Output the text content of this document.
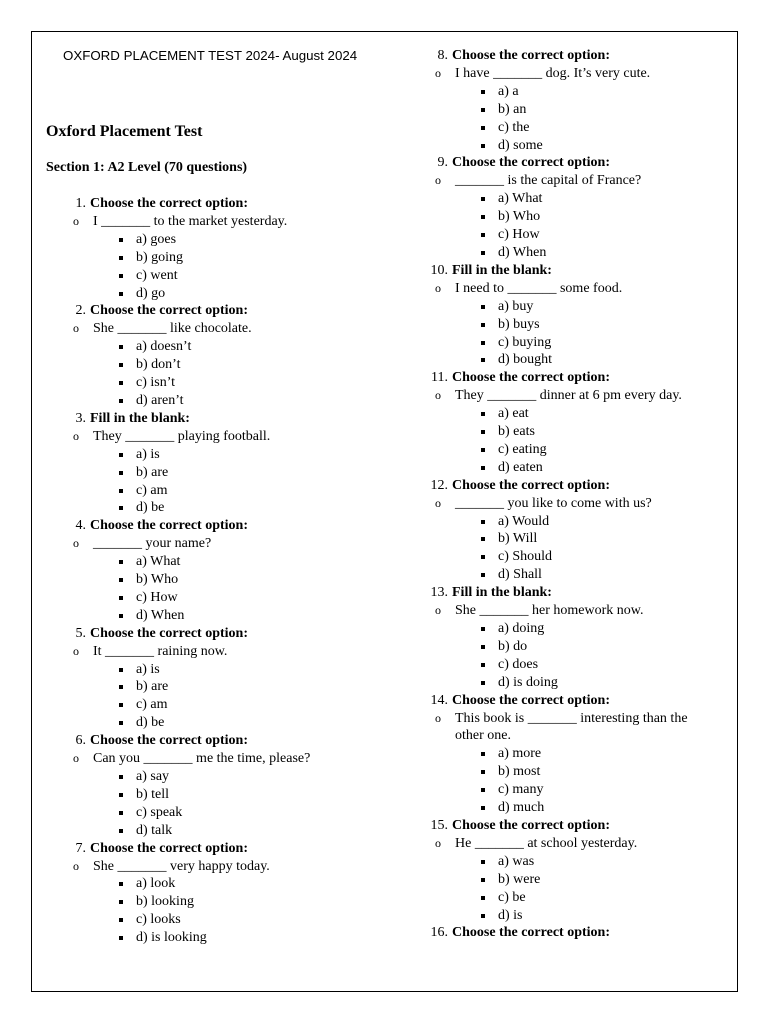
OXFORD PLACEMENT TEST 2024- August 2024
Oxford Placement Test
Section 1: A2 Level (70 questions)
1. Choose the correct option:
o I _______ to the market yesterday.
a) goes
b) going
c) went
d) go
2. Choose the correct option:
o She _______ like chocolate.
a) doesn’t
b) don’t
c) isn’t
d) aren’t
3. Fill in the blank:
o They _______ playing football.
a) is
b) are
c) am
d) be
4. Choose the correct option:
o _______ your name?
a) What
b) Who
c) How
d) When
5. Choose the correct option:
o It _______ raining now.
a) is
b) are
c) am
d) be
6. Choose the correct option:
o Can you _______ me the time, please?
a) say
b) tell
c) speak
d) talk
7. Choose the correct option:
o She _______ very happy today.
a) look
b) looking
c) looks
d) is looking
8. Choose the correct option:
o I have _______ dog. It’s very cute.
a) a
b) an
c) the
d) some
9. Choose the correct option:
o _______ is the capital of France?
a) What
b) Who
c) How
d) When
10. Fill in the blank:
o I need to _______ some food.
a) buy
b) buys
c) buying
d) bought
11. Choose the correct option:
o They _______ dinner at 6 pm every day.
a) eat
b) eats
c) eating
d) eaten
12. Choose the correct option:
o _______ you like to come with us?
a) Would
b) Will
c) Should
d) Shall
13. Fill in the blank:
o She _______ her homework now.
a) doing
b) do
c) does
d) is doing
14. Choose the correct option:
o This book is _______ interesting than the other one.
a) more
b) most
c) many
d) much
15. Choose the correct option:
o He _______ at school yesterday.
a) was
b) were
c) be
d) is
16. Choose the correct option:
